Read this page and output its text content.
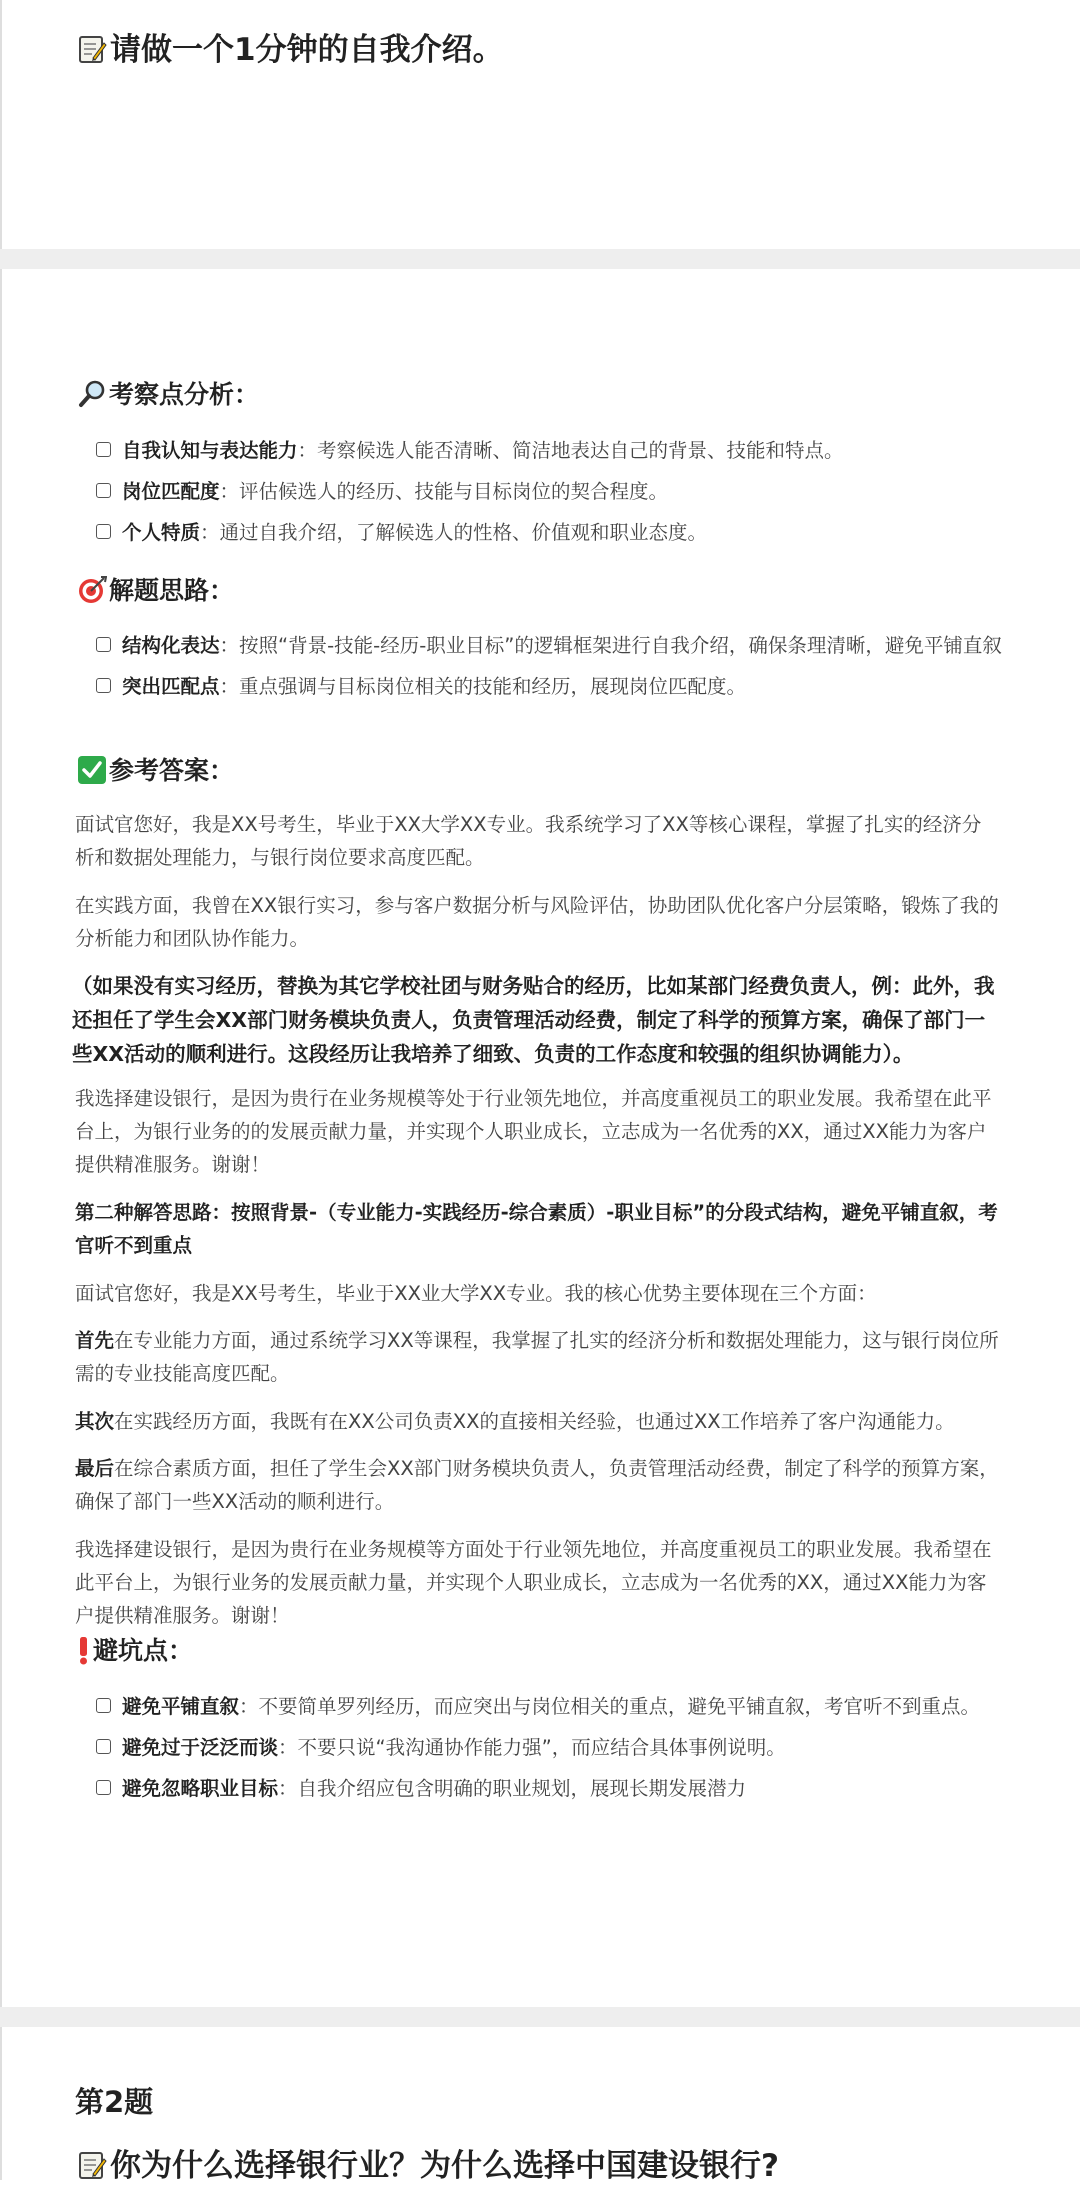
请做一个1分钟的自我介绍。
考察点分析：
自我认知与表达能力：考察候选人能否清晰、简洁地表达自己的背景、技能和特点。
岗位匹配度：评估候选人的经历、技能与目标岗位的契合程度。
个人特质：通过自我介绍，了解候选人的性格、价值观和职业态度。
解题思路：
结构化表达：按照“背景-技能-经历-职业目标”的逻辑框架进行自我介绍，确保条理清晰，避免平铺直叙
突出匹配点：重点强调与目标岗位相关的技能和经历，展现岗位匹配度。
参考答案：
面试官您好，我是XX号考生，毕业于XX大学XX专业。我系统学习了XX等核心课程，掌握了扎实的经济分析和数据处理能力，与银行岗位要求高度匹配。
在实践方面，我曾在XX银行实习，参与客户数据分析与风险评估，协助团队优化客户分层策略，锻炼了我的分析能力和团队协作能力。
（如果没有实习经历，替换为其它学校社团与财务贴合的经历，比如某部门经费负责人，例：此外，我还担任了学生会XX部门财务模块负责人，负责管理活动经费，制定了科学的预算方案，确保了部门一些XX活动的顺利进行。这段经历让我培养了细致、负责的工作态度和较强的组织协调能力）。
我选择建设银行，是因为贵行在业务规模等处于行业领先地位，并高度重视员工的职业发展。我希望在此平台上，为银行业务的的发展贡献力量，并实现个人职业成长，立志成为一名优秀的XX，通过XX能力为客户提供精准服务。谢谢！
第二种解答思路：按照背景-（专业能力-实践经历-综合素质）-职业目标”的分段式结构，避免平铺直叙，考官听不到重点
面试官您好，我是XX号考生，毕业于XX业大学XX专业。我的核心优势主要体现在三个方面：
首先在专业能力方面，通过系统学习XX等课程，我掌握了扎实的经济分析和数据处理能力，这与银行岗位所需的专业技能高度匹配。
其次在实践经历方面，我既有在XX公司负责XX的直接相关经验，也通过XX工作培养了客户沟通能力。
最后在综合素质方面，担任了学生会XX部门财务模块负责人，负责管理活动经费，制定了科学的预算方案，确保了部门一些XX活动的顺利进行。
我选择建设银行，是因为贵行在业务规模等方面处于行业领先地位，并高度重视员工的职业发展。我希望在此平台上，为银行业务的发展贡献力量，并实现个人职业成长，立志成为一名优秀的XX，通过XX能力为客户提供精准服务。谢谢！
避坑点：
避免平铺直叙：不要简单罗列经历，而应突出与岗位相关的重点，避免平铺直叙，考官听不到重点。
避免过于泛泛而谈：不要只说“我沟通协作能力强”，而应结合具体事例说明。
避免忽略职业目标：自我介绍应包含明确的职业规划，展现长期发展潜力
第2题
你为什么选择银行业？为什么选择中国建设银行?
